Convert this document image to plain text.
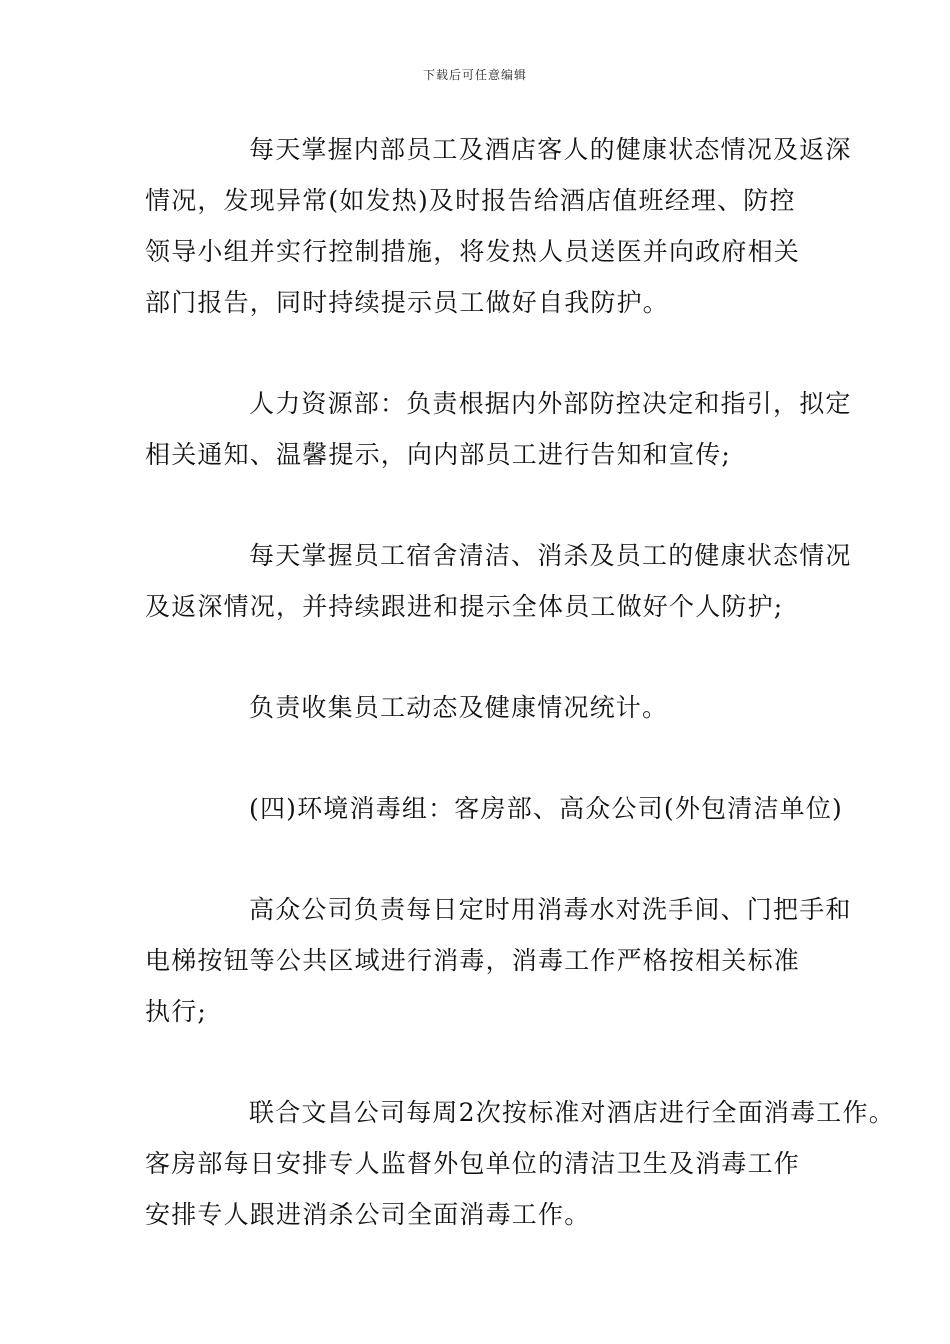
下载后可任意编辑

每天掌握内部员工及酒店客人的健康状态情况及返深
情况，发现异常(如发热)及时报告给酒店值班经理、防控
领导小组并实行控制措施，将发热人员送医并向政府相关
部门报告，同时持续提示员工做好自我防护。

人力资源部：负责根据内外部防控决定和指引，拟定
相关通知、温馨提示，向内部员工进行告知和宣传;

每天掌握员工宿舍清洁、消杀及员工的健康状态情况
及返深情况，并持续跟进和提示全体员工做好个人防护;

负责收集员工动态及健康情况统计。

(四)环境消毒组：客房部、高众公司(外包清洁单位)

高众公司负责每日定时用消毒水对洗手间、门把手和
电梯按钮等公共区域进行消毒，消毒工作严格按相关标准
执行;

联合文昌公司每周2次按标准对酒店进行全面消毒工作。
客房部每日安排专人监督外包单位的清洁卫生及消毒工作
安排专人跟进消杀公司全面消毒工作。
